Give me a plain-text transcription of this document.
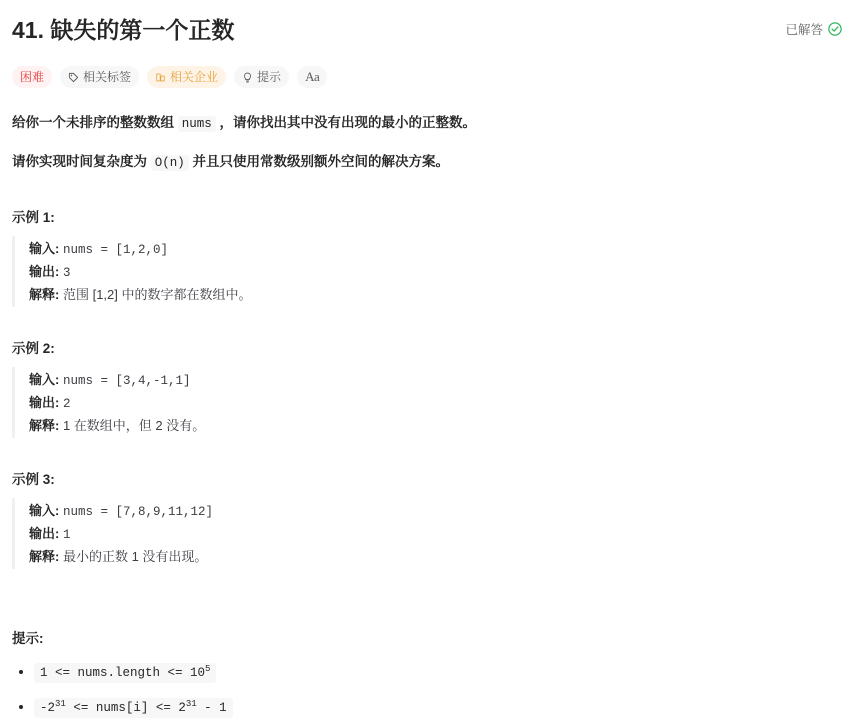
41. 缺失的第一个正数	已解答
困难	相关标签	相关企业	提示 Aa
给你一个未排序的整数数组 nums ，请你找出其中没有出现的最小的正整数。
请你实现时间复杂度为 O(n) 并且只使用常数级别额外空间的解决方案。
示例 1:
输入: nums = [1,2,0]
输出: 3
解释: 范围 [1,2] 中的数字都在数组中。
示例 2:
输入: nums = [3,4,-1,1]
输出: 2
解释: 1 在数组中，但 2 没有。
示例 3:
输入: nums = [7,8,9,11,12]
输出: 1
解释: 最小的正数 1 没有出现。
提示:
• 1 <= nums.length <= $10^5$
• $-2^{31}$ <= nums[i] <= $2^{31} - 1$
